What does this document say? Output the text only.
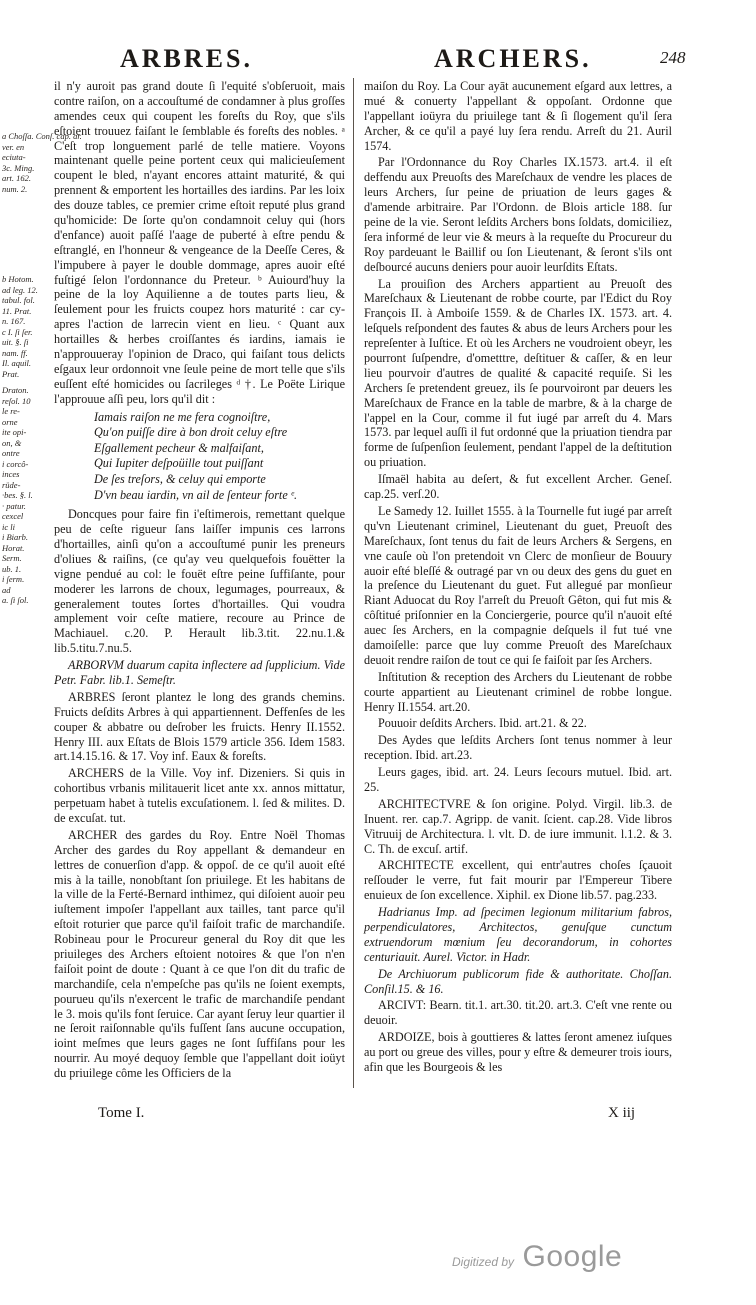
ARBRES.	ARCHERS.	248
a Choſſa. Conſ. cap. ar.
ver. en
eciuta-
3c. Ming.
art. 162.
num. 2.
b Hotom.
ad leg. 12.
tabul. fol.
11. Prat.
n. 167.
c I. ſi ſer.
uit. §. ſi
nam. ff.
Il. aquil.
Prat.
Draton.
reſol. 10
le re-
orne
ite opi-
on, &
ontre
i corcô-
inces
rüde-
·bes. §. l.
· patur.
cexcel
ic li
i Biarb.
Horat.
Serm.
ub. 1.
i ſerm.
ad
a. ſi ſol.

il n'y auroit pas grand doute ſi l'equité s'obſeruoit, mais contre raiſon, on a accouſtumé de condamner à plus groſſes amendes ceux qui coupent les foreſts du Roy, que s'ils eſtoient trouuez faiſant le ſemblable és foreſts des nobles. ᵃ C'eſt trop longuement parlé de telle matiere. Voyons maintenant quelle peine portent ceux qui malicieuſement coupent le bled, n'ayant encores attaint maturité, & qui prennent & emportent les hortailles des iardins. Par les loix des douze tables, ce premier crime eſtoit reputé plus grand qu'homicide: De ſorte qu'on condamnoit celuy qui (hors d'enfance) auoit paſſé l'aage de puberté à eſtre pendu & eſtranglé, en l'honneur & vengeance de la Deeſſe Ceres, & l'impubere à payer le double dommage, apres auoir eſté fuſtigé ſelon l'ordonnance du Preteur. ᵇ Auiourd'huy la peine de la loy Aquilienne a de toutes parts lieu, & ſeulement pour les fruicts coupez hors maturité : car cy-apres l'action de larrecin vient en lieu. ᶜ Quant aux hortailles & herbes croiſſantes és iardins, iamais ie n'approuueray l'opinion de Draco, qui faiſant tous delicts eſgaux leur ordonnoit vne ſeule peine de mort telle que s'ils euſſent eſté homicides ou ſacrileges ᵈ †. Le Poëte Lirique l'approuue aſſi peu, lors qu'il dit :

Iamais raiſon ne me fera cognoiſtre,
Qu'on puiſſe dire à bon droit celuy eſtre
Eſgallement pecheur & malfaiſant,
Qui Iupiter deſpoüille tout puiſſant
De ſes treſors, & celuy qui emporte
D'vn beau iardin, vn ail de ſenteur forte ᵉ.

Doncques pour faire fin i'eſtimerois, remettant quelque peu de ceſte rigueur ſans laiſſer impunis ces larrons d'hortailles, ainſi qu'on a accouſtumé punir les preneurs d'oliues & raiſins, (ce qu'ay veu quelquefois fouëtter la vigne pendué au col: le fouët eſtre peine ſuffiſante, pour moderer les larrons de choux, legumages, pourreaux, & generalement toutes ſortes d'hortailles. Qui voudra amplement voir ceſte matiere, recoure au Prince de Machiauel. c.20. P. Herault lib.3.tit. 22.nu.1.& lib.5.titu.7.nu.5.

ARBORVM duarum capita inflectere ad ſupplicium. Vide Petr. Fabr. lib.1. Semeſtr.

ARBRES ſeront plantez le long des grands chemins. Fruicts deſdits Arbres à qui appartiennent. Deffenſes de les couper & abbatre ou deſrober les fruicts. Henry II.1552. Henry III. aux Eſtats de Blois 1579 article 356. Idem 1583. art.14.15.16. & 17. Voy inf. Eaux & foreſts.

ARCHERS de la Ville. Voy inf. Dizeniers. Si quis in cohortibus vrbanis militauerit licet ante xx. annos mittatur, perpetuam habet à tutelis excuſationem. l. ſed & milites. D. de excuſat. tut.

ARCHER des gardes du Roy. Entre Noël Thomas Archer des gardes du Roy appellant & demandeur en lettres de conuerſion d'app. & oppoſ. de ce qu'il auoit eſté mis à la taille, nonobſtant ſon priuilege. Et les habitans de la ville de la Ferté-Bernard inthimez, qui diſoient auoir peu iuſtement impoſer l'appellant aux tailles, tant parce qu'il eſtoit roturier que parce qu'il faiſoit trafic de marchandiſe. Robineau pour le Procureur general du Roy dit que les priuileges des Archers eſtoient notoires & que l'on n'en faiſoit point de doute : Quant à ce que l'on dit du trafic de marchandiſe, cela n'empeſche pas qu'ils ne ſoient exempts, pourueu qu'ils n'exercent le trafic de marchandiſe pendant le 3. mois qu'ils font ſeruice. Car ayant ſeruy leur quartier il ne ſeroit raiſonnable qu'ils fuſſent ſans aucune occupation, ioint meſmes que leurs gages ne ſont ſuffiſans pour les nourrir. Au moyé dequoy ſemble que l'appellant doit ioüyt du priuilege côme les Officiers de la

maiſon du Roy. La Cour ayāt aucunement eſgard aux lettres, a mué & conuerty l'appellant & oppoſant. Ordonne que l'appellant ioüyra du priuilege tant & ſi ſlogement qu'il ſera Archer, & ce qu'il a payé luy ſera rendu. Arreſt du 21. Auril 1574.

Par l'Ordonnance du Roy Charles IX.1573. art.4. il eſt deffendu aux Preuoſts des Mareſchaux de vendre les places de leurs Archers, ſur peine de priuation de leurs gages & d'amende arbitraire. Par l'Ordonn. de Blois article 188. ſur peine de la vie. Seront leſdits Archers bons ſoldats, domiciliez, ſera informé de leur vie & meurs à la requeſte du Procureur du Roy pardeuant le Baillif ou ſon Lieutenant, & ſeront s'ils ont deſbourcé aucuns deniers pour auoir leurſdits Eſtats.

La prouiſion des Archers appartient au Preuoſt des Mareſchaux & Lieutenant de robbe courte, par l'Edict du Roy François II. à Amboiſe 1559. & de Charles IX. 1573. art. 4. leſquels reſpondent des fautes & abus de leurs Archers pour les repreſenter à Iuſtice. Et où les Archers ne voudroient obeyr, les pourront ſuſpendre, d'ometttre, deſtituer & caſſer, & en leur lieu pourvoir d'autres de qualité & capacité requiſe. Si les Archers ſe pretendent greuez, ils ſe pourvoiront par deuers les Mareſchaux de France en la table de marbre, & à la charge de l'appel en la Cour, comme il fut iugé par arreſt du 4. Mars 1573. par lequel auſſi il fut ordonné que la priuation tiendra par forme de ſuſpenſion ſeulement, pendant l'appel de la deſtitution ou priuation.

Iſmaël habita au deſert, & fut excellent Archer. Geneſ. cap.25. verſ.20.

Le Samedy 12. Iuillet 1555. à la Tournelle fut iugé par arreſt qu'vn Lieutenant criminel, Lieutenant du guet, Preuoſt des Mareſchaux, ſont tenus du fait de leurs Archers & Sergens, en vne cauſe où l'on pretendoit vn Clerc de monſieur de Bouury auoir eſté bleſſé & outragé par vn ou deux des gens du guet en la preſence du Lieutenant du guet. Fut allegué par monſieur Riant Aduocat du Roy l'arreſt du Preuoſt Gêton, qui fut mis & côſtitué priſonnier en la Conciergerie, pource qu'il n'auoit eſté auec ſes Archers, en la compagnie deſquels il fut tué vne damoiſelle: parce que luy comme Preuoſt des Mareſchaux deuoit rendre raiſon de tout ce qui ſe faiſoit par ſes Archers.

Inſtitution & reception des Archers du Lieutenant de robbe courte appartient au Lieutenant criminel de robbe longue. Henry II.1554. art.20.

Pouuoir deſdits Archers. Ibid. art.21. & 22.

Des Aydes que leſdits Archers ſont tenus nommer à leur reception. Ibid. art.23.

Leurs gages, ibid. art. 24. Leurs ſecours mutuel. Ibid. art. 25.

ARCHITECTVRE & ſon origine. Polyd. Virgil. lib.3. de Inuent. rer. cap.7. Agripp. de vanit. ſcient. cap.28. Vide libros Vitruuij de Architectura. l. vlt. D. de iure immunit. l.1.2. & 3. C. Th. de excuſ. artif.

ARCHITECTE excellent, qui entr'autres choſes ſçauoit reſſouder le verre, fut fait mourir par l'Empereur Tibere enuieux de ſon excellence. Xiphil. ex Dione lib.57. pag.233.

Hadrianus Imp. ad ſpecimen legionum militarium fabros, perpendiculatores, Architectos, genuſque cunctum extruendorum mœnium ſeu decorandorum, in cohortes centuriauit. Aurel. Victor. in Hadr.

De Archiuorum publicorum fide & authoritate. Choſſan. Conſil.15. & 16.

ARCIVT: Bearn. tit.1. art.30. tit.20. art.3. C'eſt vne rente ou deuoir.

ARDOIZE, bois à gouttieres & lattes ſeront amenez iuſques au port ou greue des villes, pour y eſtre & demeurer trois iours, afin que les Bourgeois & les

Tome I.	X iij
Digitized by Google
